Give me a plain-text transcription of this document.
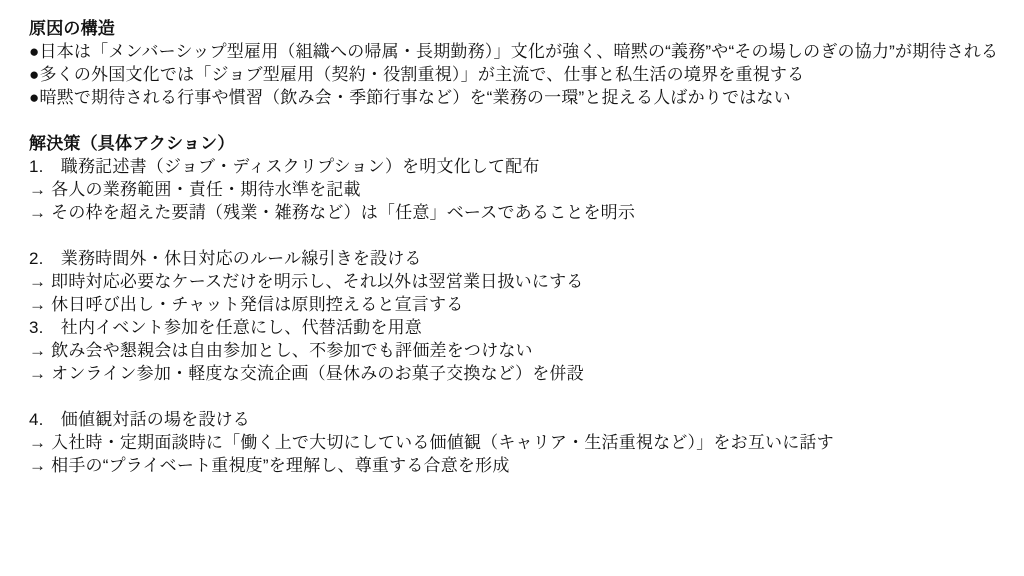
原因の構造
●日本は「メンバーシップ型雇用（組織への帰属・長期勤務）」文化が強く、暗黙の“義務”や“その場しのぎの協力”が期待される
●多くの外国文化では「ジョブ型雇用（契約・役割重視）」が主流で、仕事と私生活の境界を重視する
●暗黙で期待される行事や慣習（飲み会・季節行事など）を“業務の一環”と捉える人ばかりではない
解決策（具体アクション）
1.　職務記述書（ジョブ・ディスクリプション）を明文化して配布
→ 各人の業務範囲・責任・期待水準を記載
→ その枠を超えた要請（残業・雑務など）は「任意」ベースであることを明示
2.　業務時間外・休日対応のルール線引きを設ける
→ 即時対応必要なケースだけを明示し、それ以外は翌営業日扱いにする
→ 休日呼び出し・チャット発信は原則控えると宣言する
3.　社内イベント参加を任意にし、代替活動を用意
→ 飲み会や懇親会は自由参加とし、不参加でも評価差をつけない
→ オンライン参加・軽度な交流企画（昼休みのお菓子交換など）を併設
4.　価値観対話の場を設ける
→ 入社時・定期面談時に「働く上で大切にしている価値観（キャリア・生活重視など）」をお互いに話す
→ 相手の“プライベート重視度”を理解し、尊重する合意を形成
